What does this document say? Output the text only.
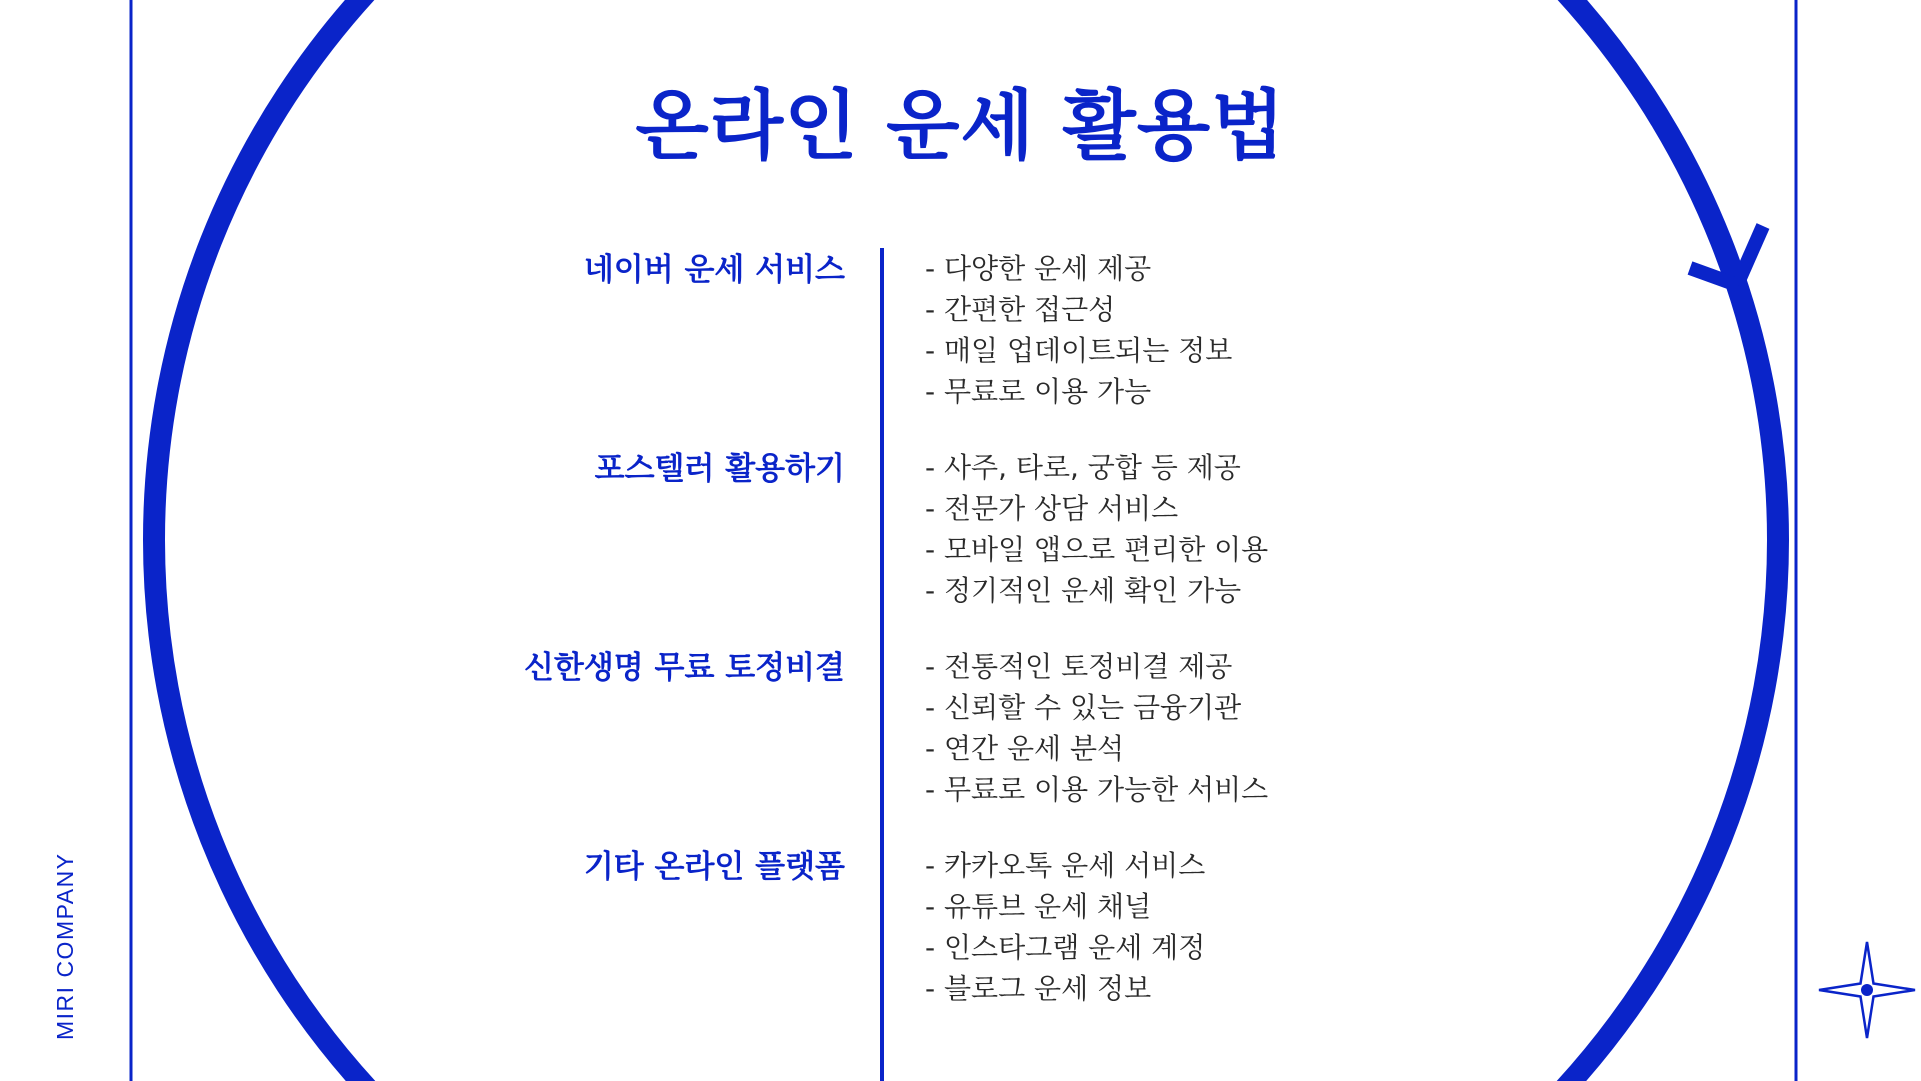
온라인 운세 활용법
네이버 운세 서비스	- 다양한 운세 제공
- 간편한 접근성
- 매일 업데이트되는 정보
- 무료로 이용 가능
포스텔러 활용하기	- 사주, 타로, 궁합 등 제공
- 전문가 상담 서비스
- 모바일 앱으로 편리한 이용
- 정기적인 운세 확인 가능
신한생명 무료 토정비결	- 전통적인 토정비결 제공
- 신뢰할 수 있는 금융기관
- 연간 운세 분석
- 무료로 이용 가능한 서비스
기타 온라인 플랫폼	- 카카오톡 운세 서비스
- 유튜브 운세 채널
- 인스타그램 운세 계정
- 블로그 운세 정보
MIRI COMPANY
